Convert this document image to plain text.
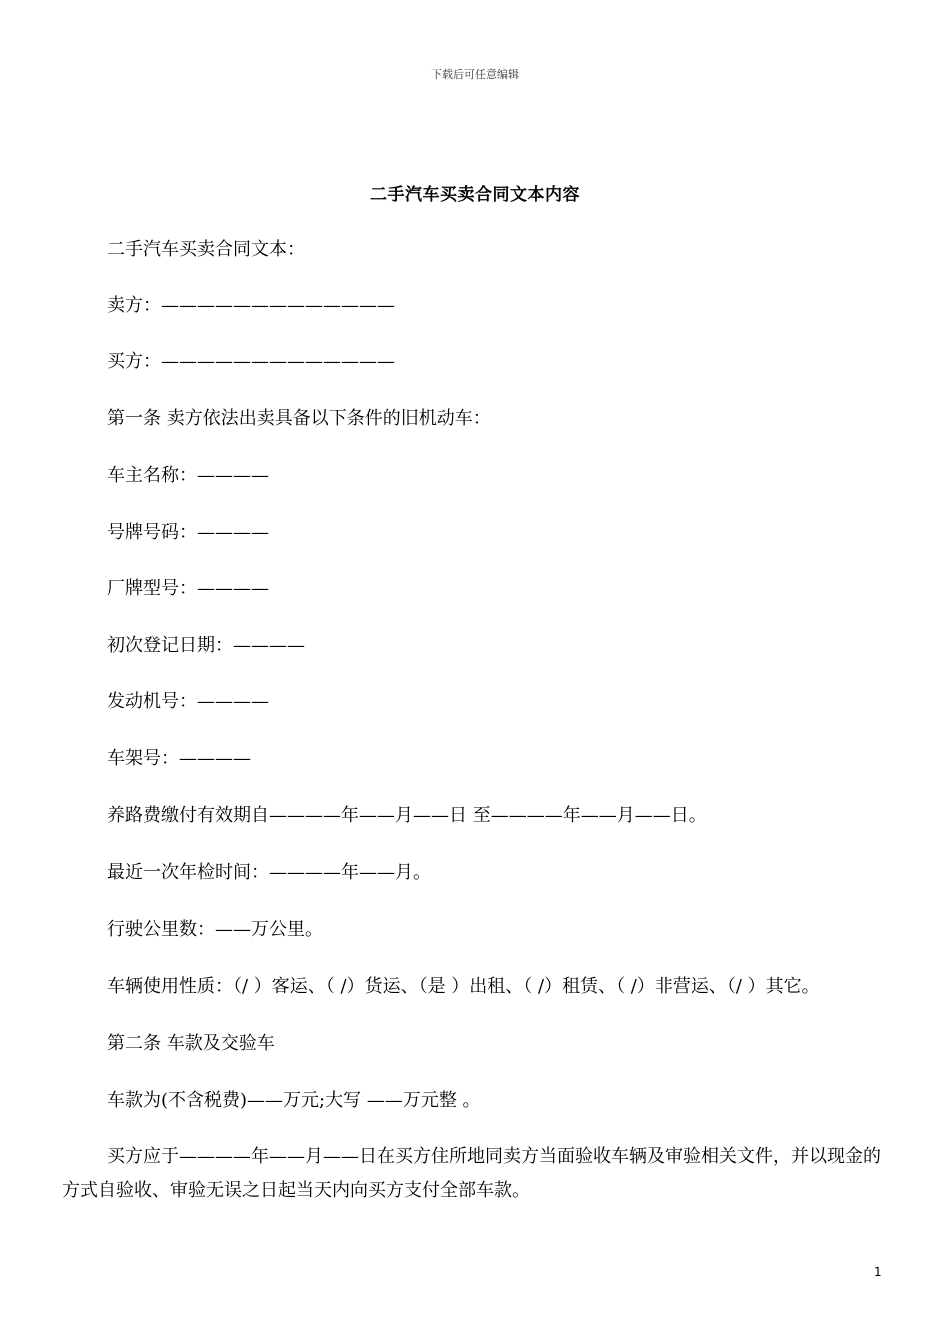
下载后可任意编辑
二手汽车买卖合同文本内容
二手汽车买卖合同文本：
卖方：—————————————
买方：—————————————
第一条 卖方依法出卖具备以下条件的旧机动车：
车主名称：————
号牌号码：————
厂牌型号：————
初次登记日期：————
发动机号：————
车架号：————
养路费缴付有效期自————年——月——日 至————年——月——日。
最近一次年检时间：————年——月。
行驶公里数：——万公里。
车辆使用性质：（/ ）客运、（ /）货运、（是 ）出租、（ /）租赁、（ /）非营运、（/ ）其它。
第二条 车款及交验车
车款为(不含税费)——万元;大写 ——万元整 。
买方应于————年——月——日在买方住所地同卖方当面验收车辆及审验相关文件，并以现金的方式自验收、审验无误之日起当天内向买方支付全部车款。
1
